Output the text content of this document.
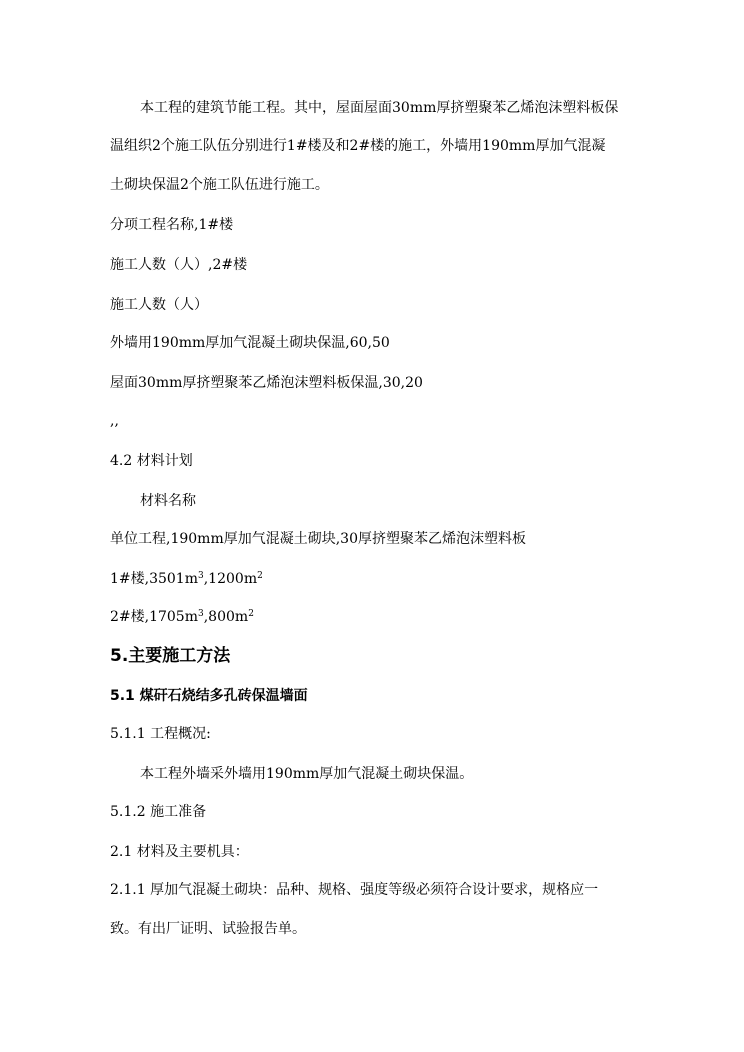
本工程的建筑节能工程。其中，屋面屋面30mm厚挤塑聚苯乙烯泡沫塑料板保
温组织2个施工队伍分别进行1#楼及和2#楼的施工，外墙用190mm厚加气混凝
土砌块保温2个施工队伍进行施工。
分项工程名称,1#楼
施工人数（人）,2#楼
施工人数（人）
外墙用190mm厚加气混凝土砌块保温,60,50
屋面30mm厚挤塑聚苯乙烯泡沫塑料板保温,30,20
,,
4.2 材料计划
材料名称
单位工程,190mm厚加气混凝土砌块,30厚挤塑聚苯乙烯泡沫塑料板
1#楼$,3501m^3,1200m^2$
2#楼$,1705m^3,800m^2$
5.主要施工方法
5.1 煤矸石烧结多孔砖保温墙面
5.1.1 工程概况:
本工程外墙采外墙用190mm厚加气混凝土砌块保温。
5.1.2 施工准备
2.1 材料及主要机具：
2.1.1 厚加气混凝土砌块：品种、规格、强度等级必须符合设计要求，规格应一
致。有出厂证明、试验报告单。
